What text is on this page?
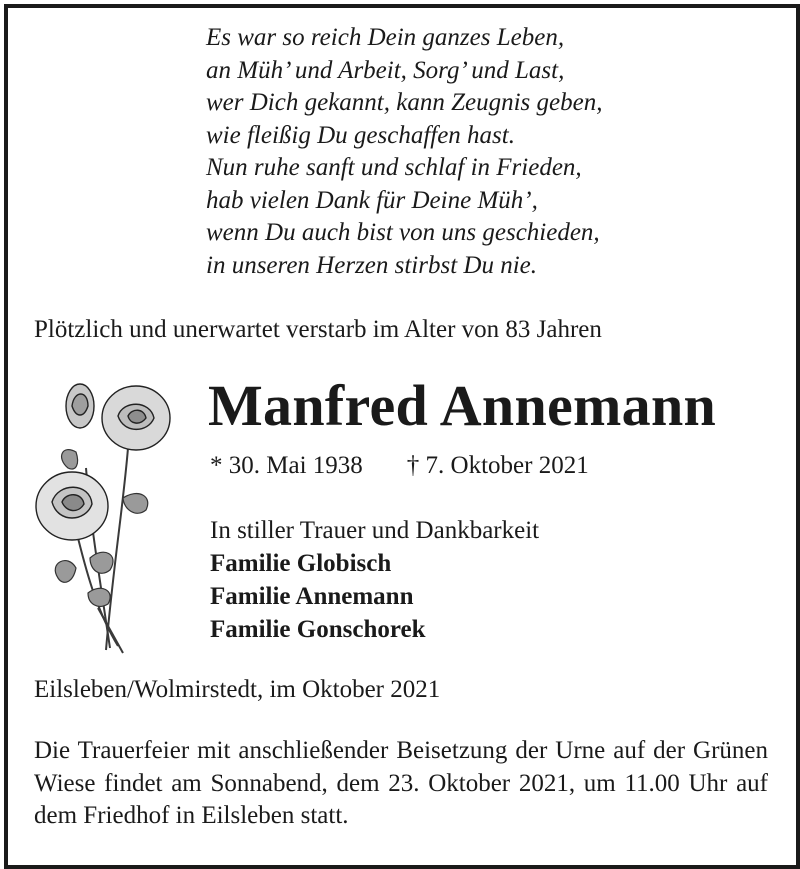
Es war so reich Dein ganzes Leben,
an Müh’ und Arbeit, Sorg’ und Last,
wer Dich gekannt, kann Zeugnis geben,
wie fleißig Du geschaffen hast.
Nun ruhe sanft und schlaf in Frieden,
hab vielen Dank für Deine Müh’,
wenn Du auch bist von uns geschieden,
in unseren Herzen stirbst Du nie.
Plötzlich und unerwartet verstarb im Alter von 83 Jahren
Manfred Annemann
* 30. Mai 1938 † 7. Oktober 2021
In stiller Trauer und Dankbarkeit
Familie Globisch
Familie Annemann
Familie Gonschorek
Eilsleben/Wolmirstedt, im Oktober 2021
Die Trauerfeier mit anschließender Beisetzung der Urne auf der Grünen Wiese findet am Sonnabend, dem 23. Oktober 2021, um 11.00 Uhr auf dem Friedhof in Eilsleben statt.
